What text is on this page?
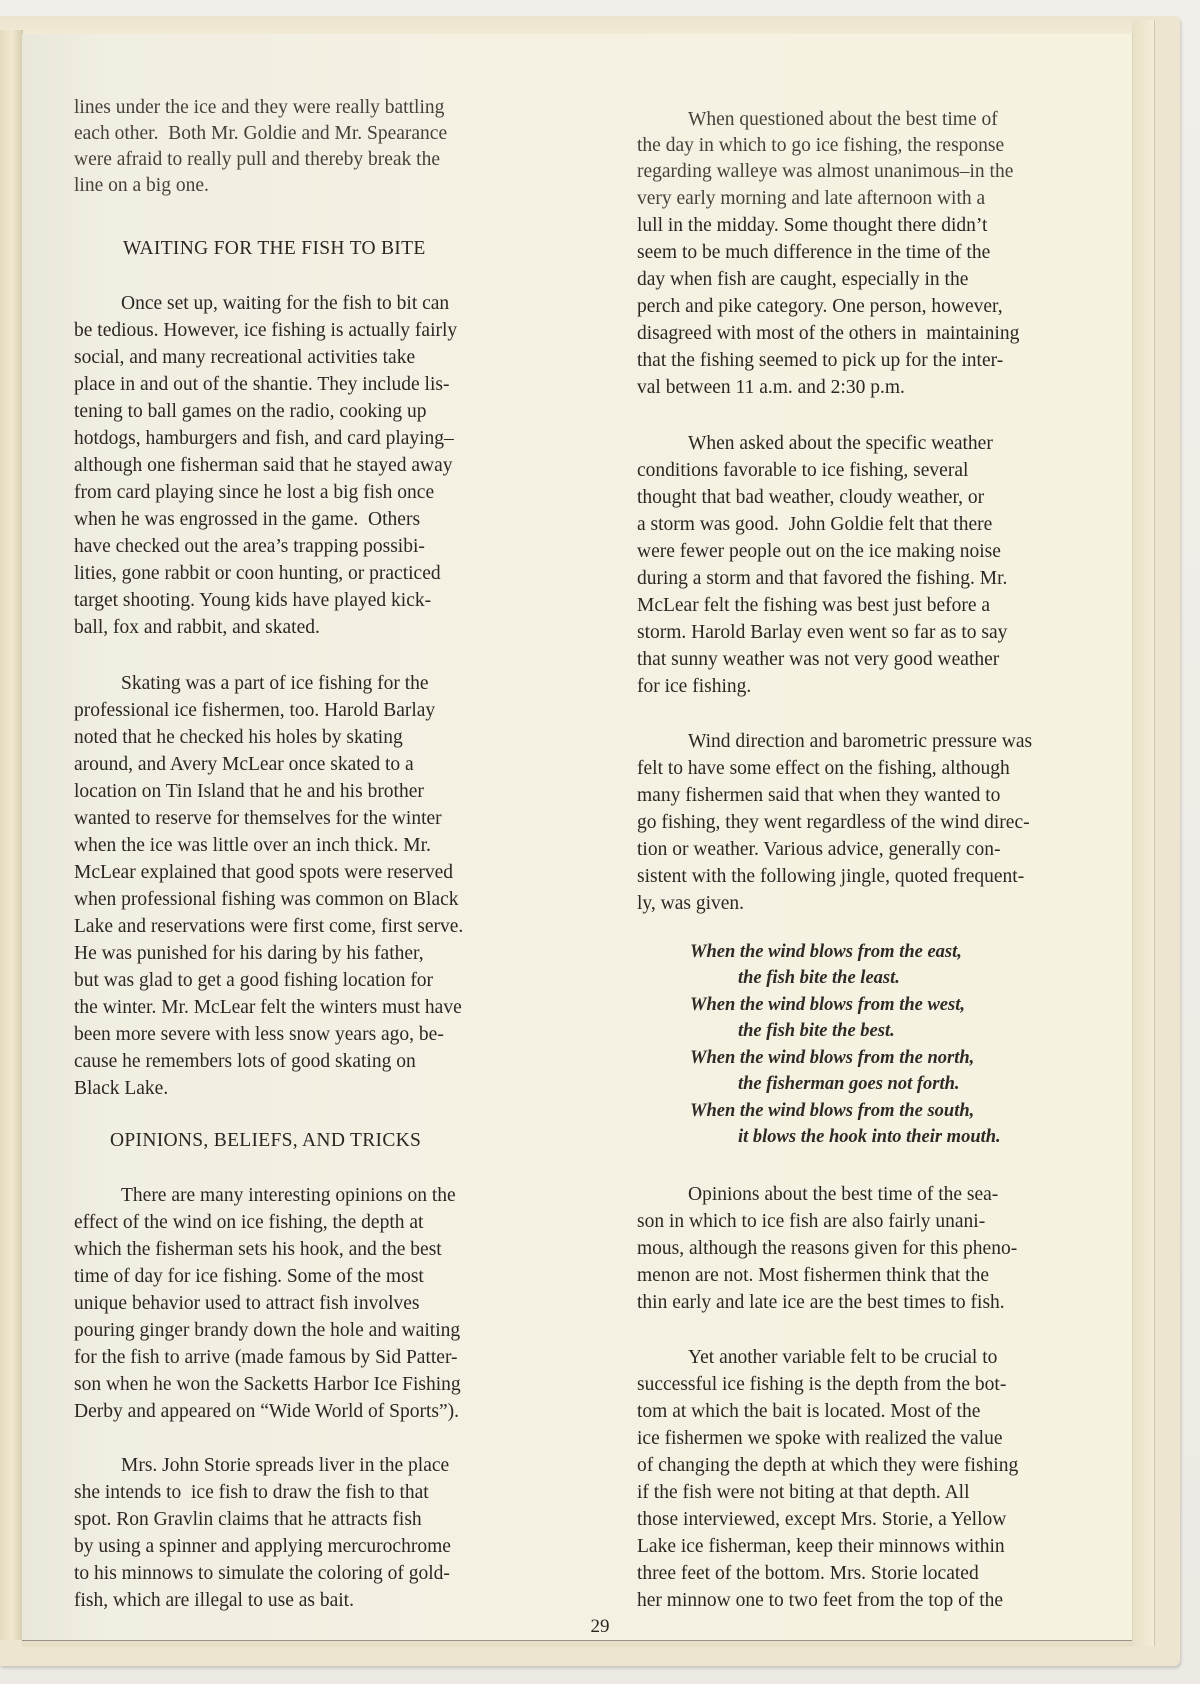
lines under the ice and they were really battling
each other.  Both Mr. Goldie and Mr. Spearance
were afraid to really pull and thereby break the
line on a big one.
WAITING FOR THE FISH TO BITE
Once set up, waiting for the fish to bit can
be tedious. However, ice fishing is actually fairly
social, and many recreational activities take
place in and out of the shantie. They include lis-
tening to ball games on the radio, cooking up
hotdogs, hamburgers and fish, and card playing–
although one fisherman said that he stayed away
from card playing since he lost a big fish once
when he was engrossed in the game.  Others
have checked out the area’s trapping possibi-
lities, gone rabbit or coon hunting, or practiced
target shooting. Young kids have played kick-
ball, fox and rabbit, and skated.
Skating was a part of ice fishing for the
professional ice fishermen, too. Harold Barlay
noted that he checked his holes by skating
around, and Avery McLear once skated to a
location on Tin Island that he and his brother
wanted to reserve for themselves for the winter
when the ice was little over an inch thick. Mr.
McLear explained that good spots were reserved
when professional fishing was common on Black
Lake and reservations were first come, first serve.
He was punished for his daring by his father,
but was glad to get a good fishing location for
the winter. Mr. McLear felt the winters must have
been more severe with less snow years ago, be-
cause he remembers lots of good skating on
Black Lake.
OPINIONS, BELIEFS, AND TRICKS
There are many interesting opinions on the
effect of the wind on ice fishing, the depth at
which the fisherman sets his hook, and the best
time of day for ice fishing. Some of the most
unique behavior used to attract fish involves
pouring ginger brandy down the hole and waiting
for the fish to arrive (made famous by Sid Patter-
son when he won the Sacketts Harbor Ice Fishing
Derby and appeared on “Wide World of Sports”).
Mrs. John Storie spreads liver in the place
she intends to  ice fish to draw the fish to that
spot. Ron Gravlin claims that he attracts fish
by using a spinner and applying mercurochrome
to his minnows to simulate the coloring of gold-
fish, which are illegal to use as bait.
When questioned about the best time of
the day in which to go ice fishing, the response
regarding walleye was almost unanimous–in the
very early morning and late afternoon with a
lull in the midday. Some thought there didn’t
seem to be much difference in the time of the
day when fish are caught, especially in the
perch and pike category. One person, however,
disagreed with most of the others in  maintaining
that the fishing seemed to pick up for the inter-
val between 11 a.m. and 2:30 p.m.
When asked about the specific weather
conditions favorable to ice fishing, several
thought that bad weather, cloudy weather, or
a storm was good.  John Goldie felt that there
were fewer people out on the ice making noise
during a storm and that favored the fishing. Mr.
McLear felt the fishing was best just before a
storm. Harold Barlay even went so far as to say
that sunny weather was not very good weather
for ice fishing.
Wind direction and barometric pressure was
felt to have some effect on the fishing, although
many fishermen said that when they wanted to
go fishing, they went regardless of the wind direc-
tion or weather. Various advice, generally con-
sistent with the following jingle, quoted frequent-
ly, was given.
When the wind blows from the east,
the fish bite the least.
When the wind blows from the west,
the fish bite the best.
When the wind blows from the north,
the fisherman goes not forth.
When the wind blows from the south,
it blows the hook into their mouth.
Opinions about the best time of the sea-
son in which to ice fish are also fairly unani-
mous, although the reasons given for this pheno-
menon are not. Most fishermen think that the
thin early and late ice are the best times to fish.
Yet another variable felt to be crucial to
successful ice fishing is the depth from the bot-
tom at which the bait is located. Most of the
ice fishermen we spoke with realized the value
of changing the depth at which they were fishing
if the fish were not biting at that depth. All
those interviewed, except Mrs. Storie, a Yellow
Lake ice fisherman, keep their minnows within
three feet of the bottom. Mrs. Storie located
her minnow one to two feet from the top of the
29
